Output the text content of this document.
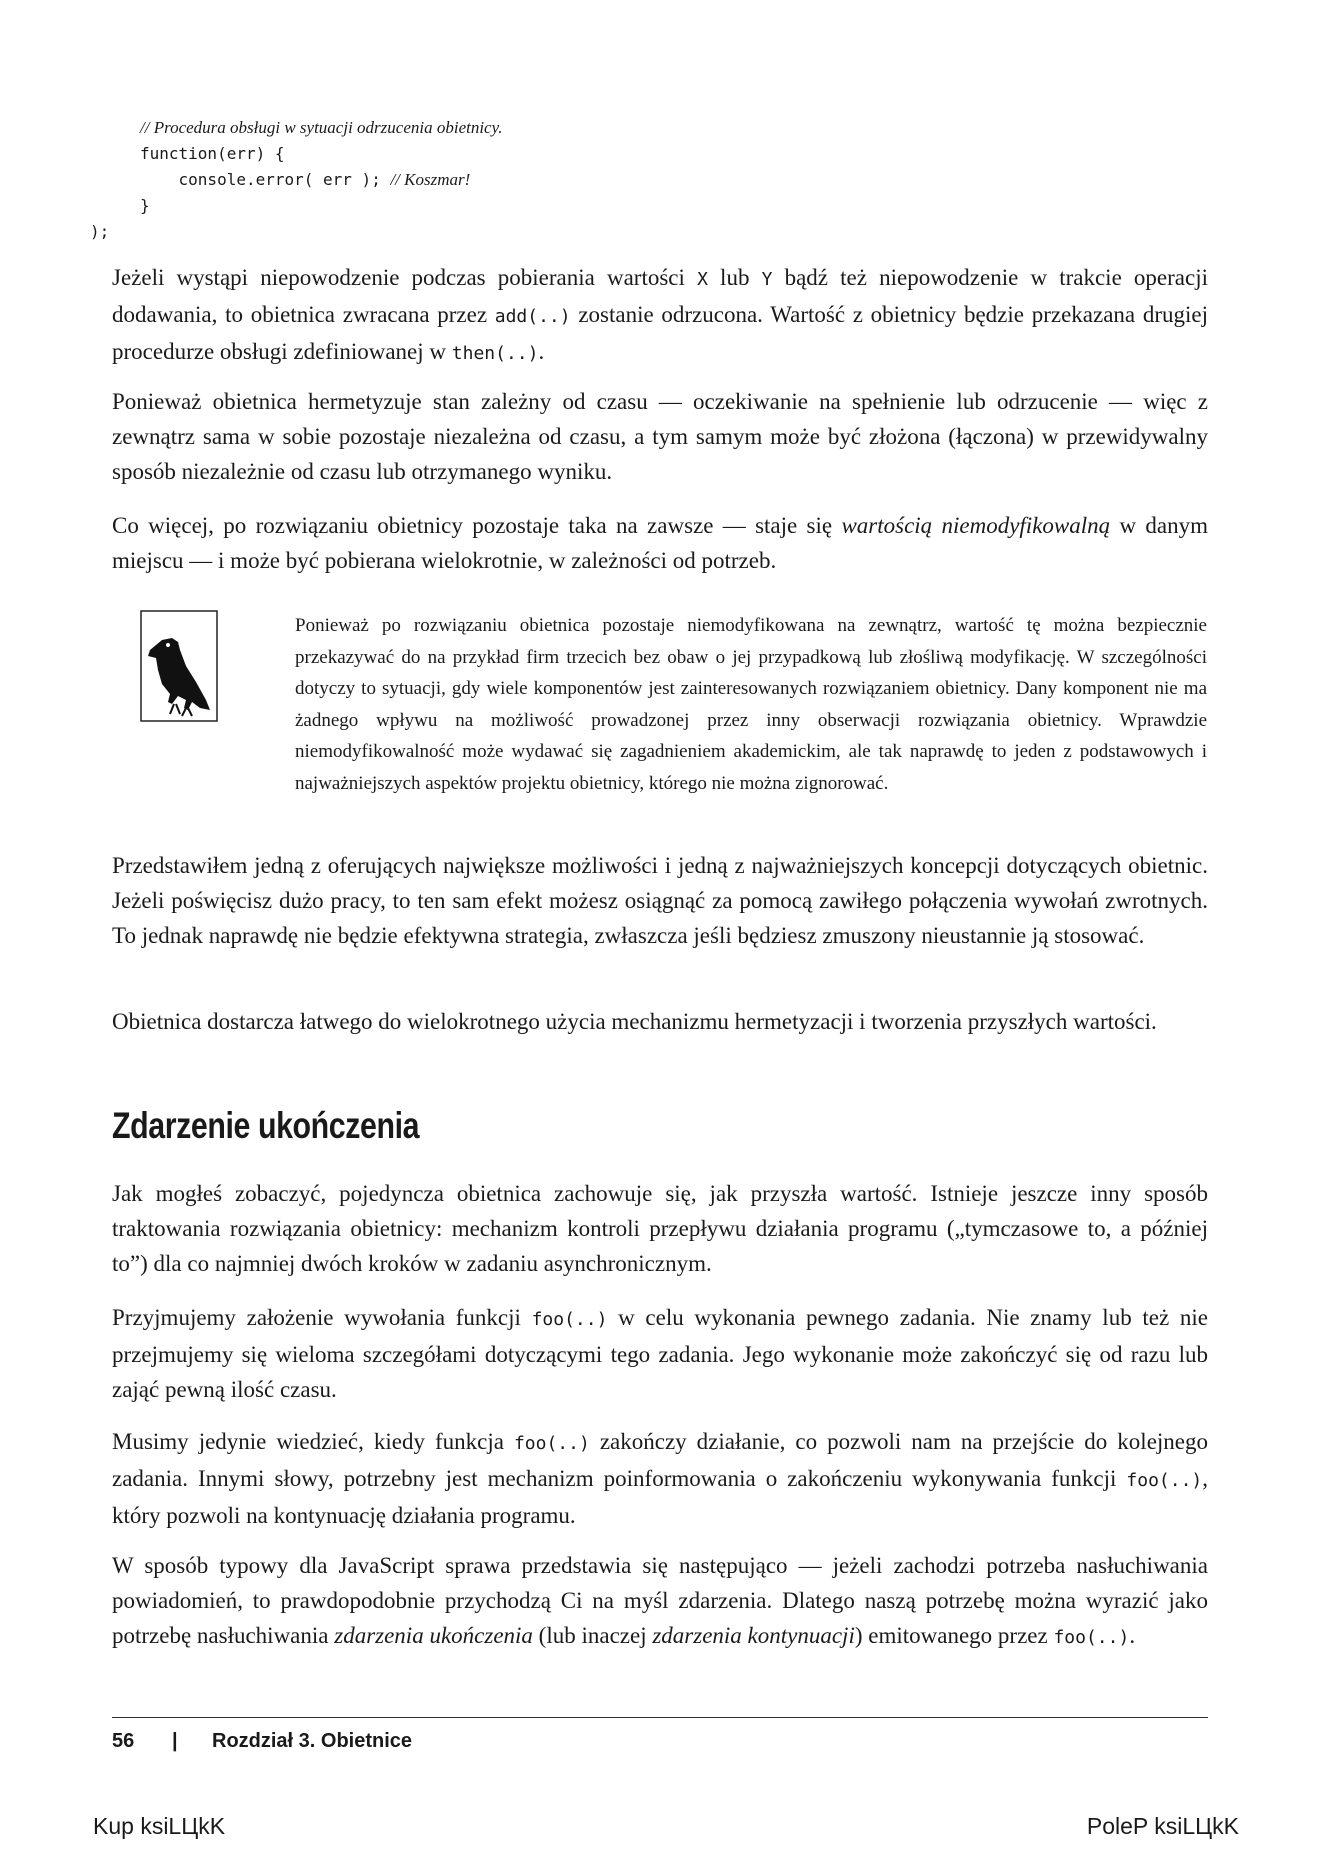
// Procedura obsługi w sytuacji odrzucenia obietnicy.
function(err) {
console.error( err ); // Koszmar!
}
);

Jeżeli wystąpi niepowodzenie podczas pobierania wartości X lub Y bądź też niepowodzenie w trakcie operacji dodawania, to obietnica zwracana przez add(..) zostanie odrzucona. Wartość z obietnicy będzie przekazana drugiej procedurze obsługi zdefiniowanej w then(..).

Ponieważ obietnica hermetyzuje stan zależny od czasu — oczekiwanie na spełnienie lub odrzucenie — więc z zewnątrz sama w sobie pozostaje niezależna od czasu, a tym samym może być złożona (łączona) w przewidywalny sposób niezależnie od czasu lub otrzymanego wyniku.

Co więcej, po rozwiązaniu obietnicy pozostaje taka na zawsze — staje się wartością niemodyfikowalną w danym miejscu — i może być pobierana wielokrotnie, w zależności od potrzeb.

Ponieważ po rozwiązaniu obietnica pozostaje niemodyfikowana na zewnątrz, wartość tę można bezpiecznie przekazywać do na przykład firm trzecich bez obaw o jej przypadkową lub złośliwą modyfikację. W szczególności dotyczy to sytuacji, gdy wiele komponentów jest zainteresowanych rozwiązaniem obietnicy. Dany komponent nie ma żadnego wpływu na możliwość prowadzonej przez inny obserwacji rozwiązania obietnicy. Wprawdzie niemodyfikowalność może wydawać się zagadnieniem akademickim, ale tak naprawdę to jeden z podstawowych i najważniejszych aspektów projektu obietnicy, którego nie można zignorować.

Przedstawiłem jedną z oferujących największe możliwości i jedną z najważniejszych koncepcji dotyczących obietnic. Jeżeli poświęcisz dużo pracy, to ten sam efekt możesz osiągnąć za pomocą zawiłego połączenia wywołań zwrotnych. To jednak naprawdę nie będzie efektywna strategia, zwłaszcza jeśli będziesz zmuszony nieustannie ją stosować.

Obietnica dostarcza łatwego do wielokrotnego użycia mechanizmu hermetyzacji i tworzenia przyszłych wartości.

Zdarzenie ukończenia

Jak mogłeś zobaczyć, pojedyncza obietnica zachowuje się, jak przyszła wartość. Istnieje jeszcze inny sposób traktowania rozwiązania obietnicy: mechanizm kontroli przepływu działania programu („tymczasowe to, a później to”) dla co najmniej dwóch kroków w zadaniu asynchronicznym.

Przyjmujemy założenie wywołania funkcji foo(..) w celu wykonania pewnego zadania. Nie znamy lub też nie przejmujemy się wieloma szczegółami dotyczącymi tego zadania. Jego wykonanie może zakończyć się od razu lub zająć pewną ilość czasu.

Musimy jedynie wiedzieć, kiedy funkcja foo(..) zakończy działanie, co pozwoli nam na przejście do kolejnego zadania. Innymi słowy, potrzebny jest mechanizm poinformowania o zakończeniu wykonywania funkcji foo(..), który pozwoli na kontynuację działania programu.

W sposób typowy dla JavaScript sprawa przedstawia się następująco — jeżeli zachodzi potrzeba nasłuchiwania powiadomień, to prawdopodobnie przychodzą Ci na myśl zdarzenia. Dlatego naszą potrzebę można wyrazić jako potrzebę nasłuchiwania zdarzenia ukończenia (lub inaczej zdarzenia kontynuacji) emitowanego przez foo(..).

56	|	Rozdział 3. Obietnice
Kup ksiLЦkK	PoleP ksiLЦkK
